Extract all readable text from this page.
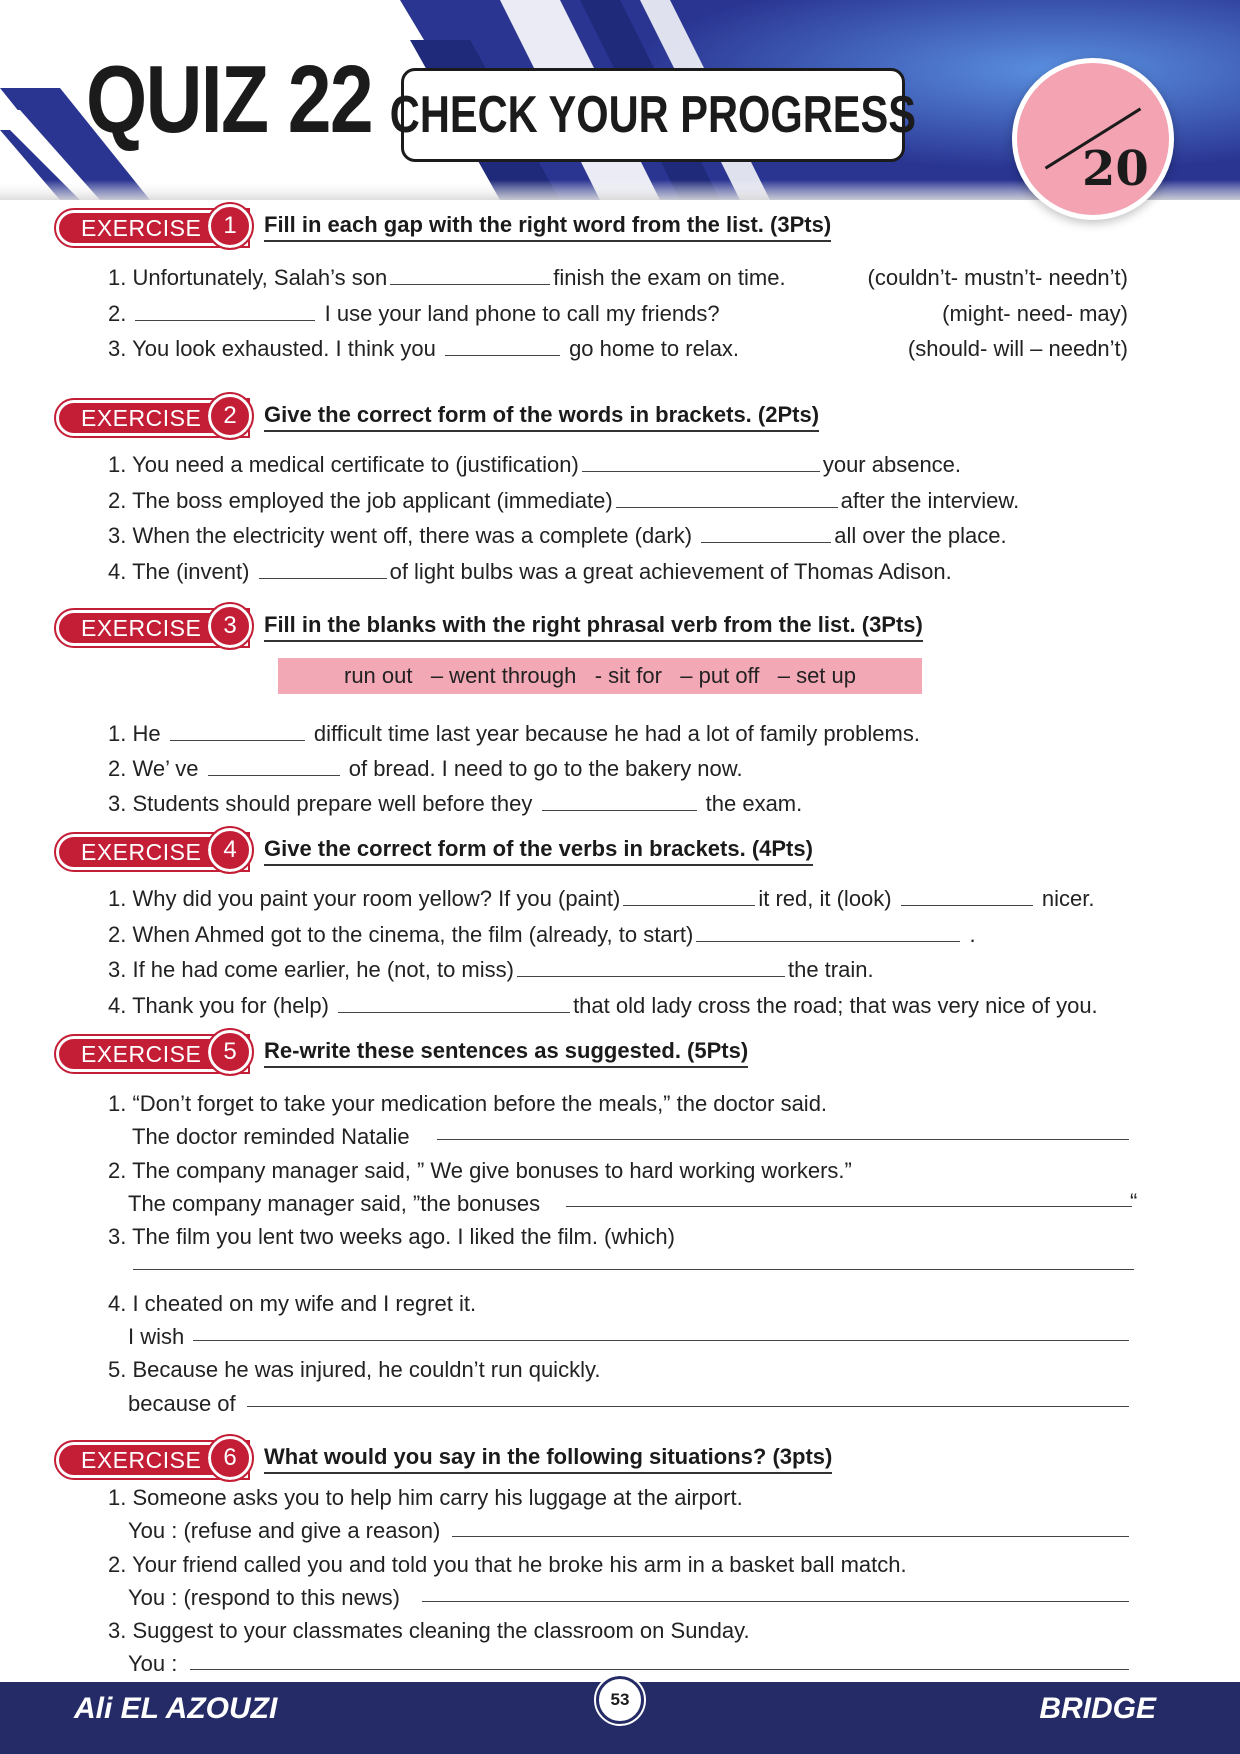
QUIZ 22 CHECK YOUR PROGRESS
20
EXERCISE 1	Fill in each gap with the right word from the list. (3Pts)
1. Unfortunately, Salah’s son	finish the exam on time.	(couldn’t- mustn’t- needn’t)
2.	I use your land phone to call my friends?	(might- need- may)
3. You look exhausted. I think you	go home to relax.	(should- will – needn’t)
EXERCISE 2	Give the correct form of the words in brackets. (2Pts)
1. You need a medical certificate to (justification)	your absence.
2. The boss employed the job applicant (immediate)	after the interview.
3. When the electricity went off, there was a complete (dark)	all over the place.
4. The (invent)	of light bulbs was a great achievement of Thomas Adison.
EXERCISE 3	Fill in the blanks with the right phrasal verb from the list. (3Pts)
run out   – went through   - sit for   – put off   – set up
1. He	difficult time last year because he had a lot of family problems.
2. We’ ve	of bread. I need to go to the bakery now.
3. Students should prepare well before they	the exam.
EXERCISE 4	Give the correct form of the verbs in brackets. (4Pts)
1. Why did you paint your room yellow? If you (paint)	it red, it (look)	nicer.
2. When Ahmed got to the cinema, the film (already, to start)	.
3. If he had come earlier, he (not, to miss)	the train.
4. Thank you for (help)	that old lady cross the road; that was very nice of you.
EXERCISE 5	Re-write these sentences as suggested. (5Pts)
1. “Don’t forget to take your medication before the meals,” the doctor said.
The doctor reminded Natalie
2. The company manager said, ” We give bonuses to hard working workers.”
The company manager said, ”the bonuses	“
3. The film you lent two weeks ago. I liked the film. (which)
4. I cheated on my wife and I regret it.
I wish
5. Because he was injured, he couldn’t run quickly.
because of
EXERCISE 6	What would you say in the following situations? (3pts)
1. Someone asks you to help him carry his luggage at the airport.
You : (refuse and give a reason)
2. Your friend called you and told you that he broke his arm in a basket ball match.
You : (respond to this news)
3. Suggest to your classmates cleaning the classroom on Sunday.
You :
Ali EL AZOUZI	53	BRIDGE
